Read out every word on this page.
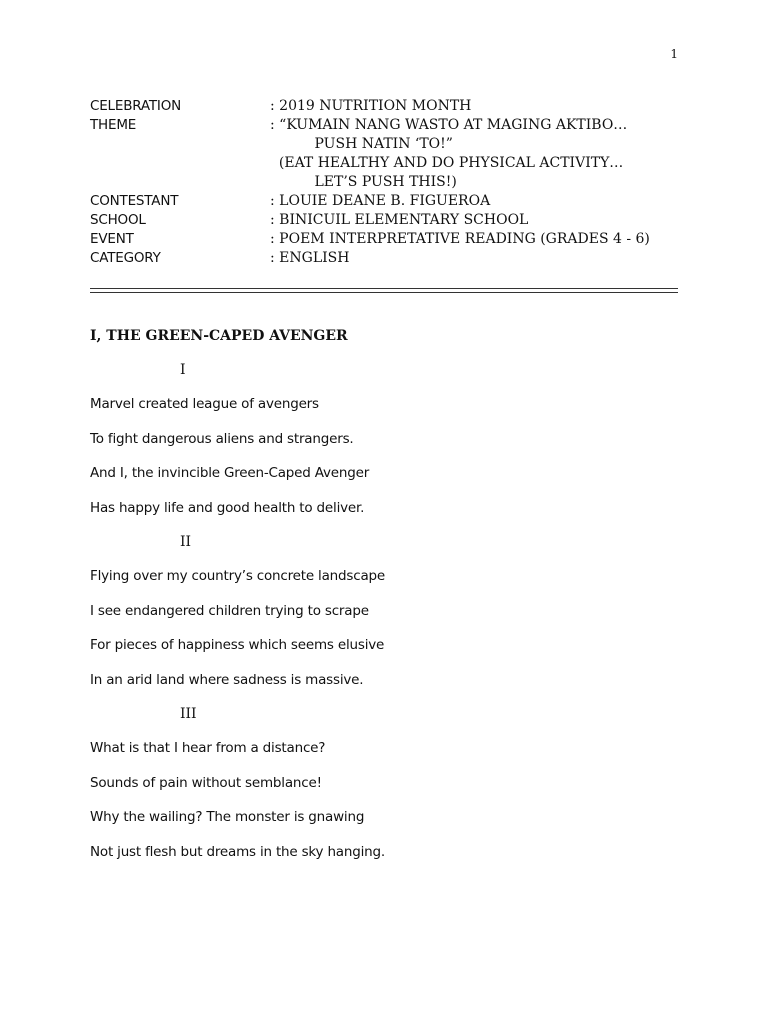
1
CELEBRATION	: 2019 NUTRITION MONTH
THEME	: “KUMAIN NANG WASTO AT MAGING AKTIBO…
PUSH NATIN ‘TO!”
(EAT HEALTHY AND DO PHYSICAL ACTIVITY…
LET’S PUSH THIS!)
CONTESTANT	: LOUIE DEANE B. FIGUEROA
SCHOOL	: BINICUIL ELEMENTARY SCHOOL
EVENT	: POEM INTERPRETATIVE READING (GRADES 4 - 6)
CATEGORY	: ENGLISH
I, THE GREEN-CAPED AVENGER
I
Marvel created league of avengers
To fight dangerous aliens and strangers.
And I, the invincible Green-Caped Avenger
Has happy life and good health to deliver.
II
Flying over my country’s concrete landscape
I see endangered children trying to scrape
For pieces of happiness which seems elusive
In an arid land where sadness is massive.
III
What is that I hear from a distance?
Sounds of pain without semblance!
Why the wailing? The monster is gnawing
Not just flesh but dreams in the sky hanging.
